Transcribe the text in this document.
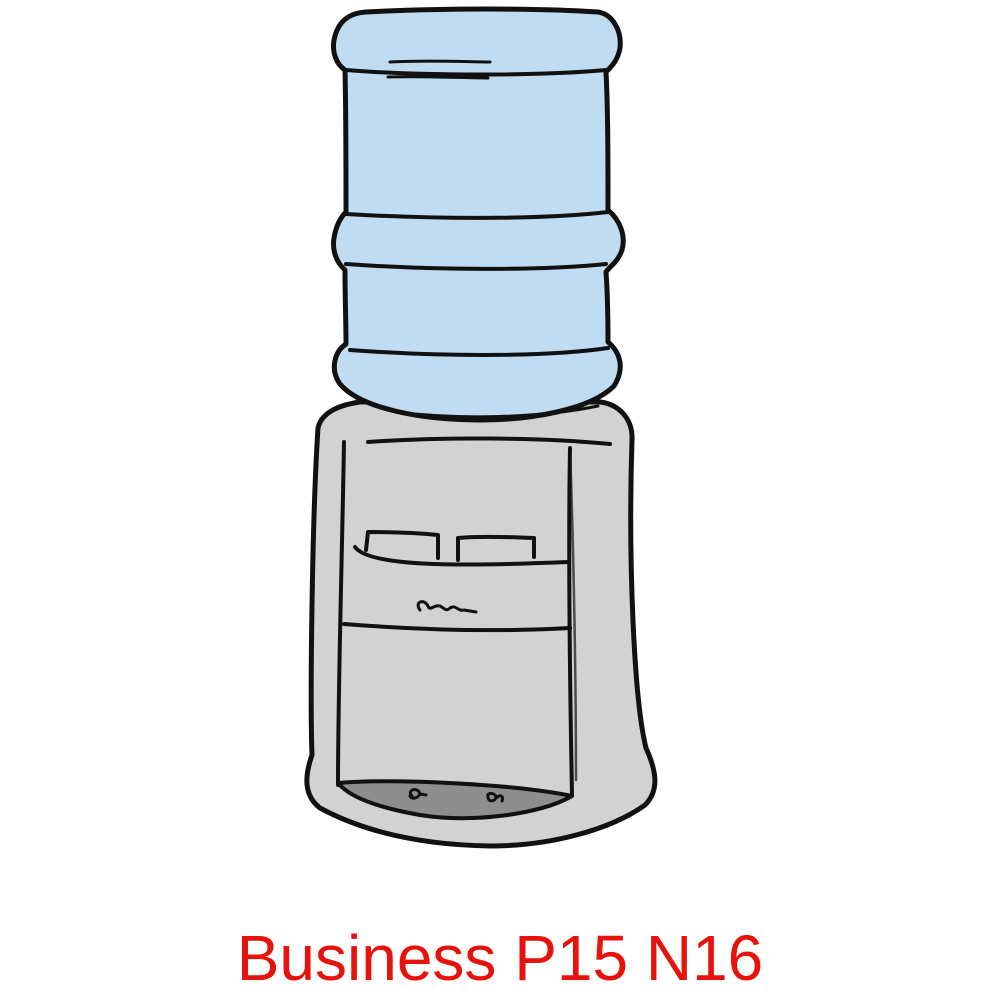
Business P15 N16
